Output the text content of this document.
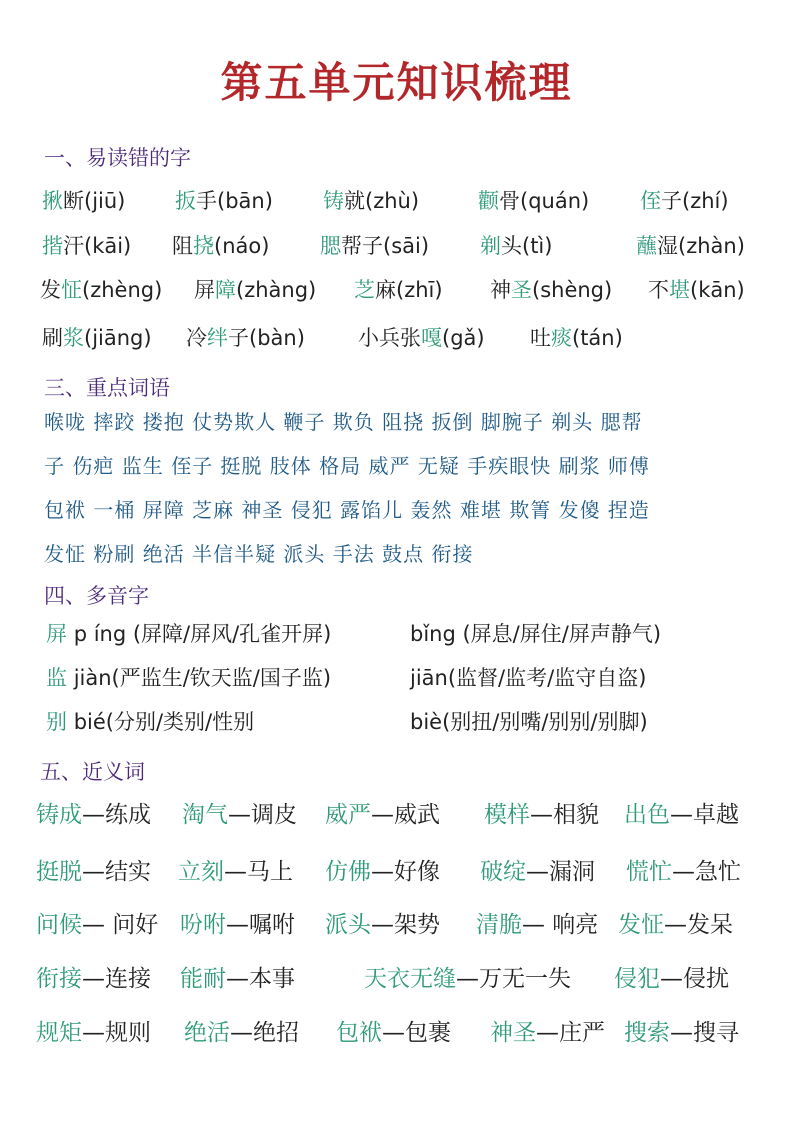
第五单元知识梳理
一、易读错的字
揪断(jiū) 扳手(bān) 铸就(zhù)	颧骨(quán) 侄子(zhí)
揩汗(kāi) 阻挠(náo) 腮帮子(sāi) 剃头(tì)	蘸湿(zhàn)
发怔(zhèng) 屏障(zhàng) 芝麻(zhī) 神圣(shèng) 不堪(kān)
刷浆(jiāng) 冷绊子(bàn)	小兵张嘎(gǎ) 吐痰(tán)
三、重点词语
喉咙 摔跤 搂抱 仗势欺人 鞭子 欺负 阻挠 扳倒 脚腕子 剃头 腮帮
子 伤疤 监生 侄子 挺脱 肢体 格局 威严 无疑 手疾眼快 刷浆 师傅
包袱 一桶 屏障 芝麻 神圣 侵犯 露馅儿 轰然 难堪 欺箐 发傻 捏造
发怔 粉刷 绝活 半信半疑 派头 手法 鼓点 衔接
四、多音字
屏 p íng (屏障/屏风/孔雀开屏)	bǐng (屏息/屏住/屏声静气)
监 jiàn(严监生/钦天监/国子监)	jiān(监督/监考/监守自盗)
别 bié(分别/类别/性别	biè(别扭/别嘴/别别/别脚)
五、近义词
铸成—练成 淘气—调皮 威严—威武 模样—相貌 出色—卓越
挺脱—结实 立刻—马上 仿佛—好像 破绽—漏洞 慌忙—急忙
问候— 问好 吩咐—嘱咐 派头—架势 清脆— 响亮 发怔—发呆
衔接—连接 能耐—本事	天衣无缝—万无一失 侵犯—侵扰
规矩—规则 绝活—绝招 包袱—包裹 神圣—庄严 搜索—搜寻
